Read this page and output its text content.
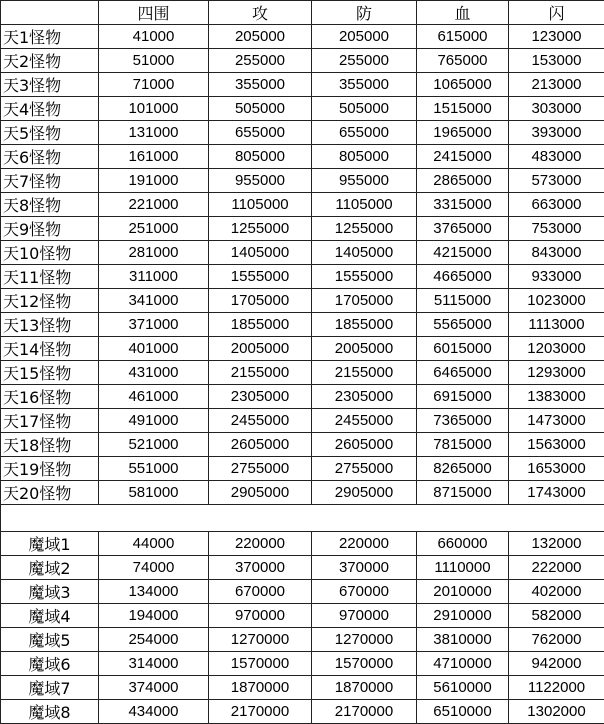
	四围	攻	防	血	闪
天1怪物	41000	205000	205000	615000	123000
天2怪物	51000	255000	255000	765000	153000
天3怪物	71000	355000	355000	1065000	213000
天4怪物	101000	505000	505000	1515000	303000
天5怪物	131000	655000	655000	1965000	393000
天6怪物	161000	805000	805000	2415000	483000
天7怪物	191000	955000	955000	2865000	573000
天8怪物	221000	1105000	1105000	3315000	663000
天9怪物	251000	1255000	1255000	3765000	753000
天10怪物	281000	1405000	1405000	4215000	843000
天11怪物	311000	1555000	1555000	4665000	933000
天12怪物	341000	1705000	1705000	5115000	1023000
天13怪物	371000	1855000	1855000	5565000	1113000
天14怪物	401000	2005000	2005000	6015000	1203000
天15怪物	431000	2155000	2155000	6465000	1293000
天16怪物	461000	2305000	2305000	6915000	1383000
天17怪物	491000	2455000	2455000	7365000	1473000
天18怪物	521000	2605000	2605000	7815000	1563000
天19怪物	551000	2755000	2755000	8265000	1653000
天20怪物	581000	2905000	2905000	8715000	1743000

魔域1	44000	220000	220000	660000	132000
魔域2	74000	370000	370000	1110000	222000
魔域3	134000	670000	670000	2010000	402000
魔域4	194000	970000	970000	2910000	582000
魔域5	254000	1270000	1270000	3810000	762000
魔域6	314000	1570000	1570000	4710000	942000
魔域7	374000	1870000	1870000	5610000	1122000
魔域8	434000	2170000	2170000	6510000	1302000
